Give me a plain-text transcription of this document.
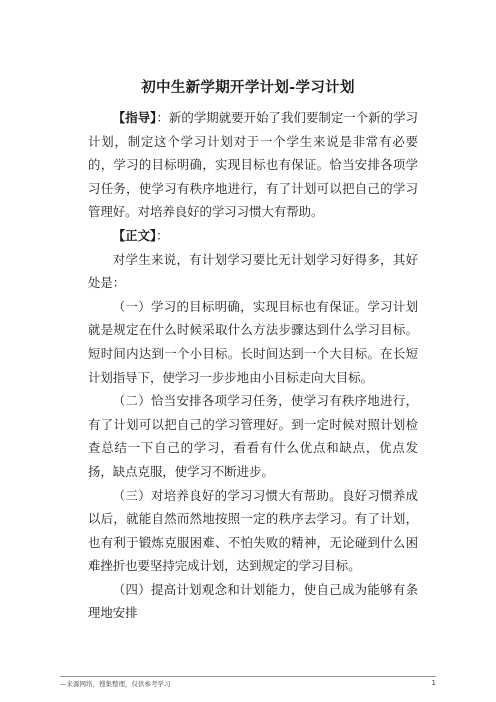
初中生新学期开学计划-学习计划

【指导】：新的学期就要开始了我们要制定一个新的学习计划，制定这个学习计划对于一个学生来说是非常有必要的，学习的目标明确，实现目标也有保证。恰当安排各项学习任务，使学习有秩序地进行，有了计划可以把自己的学习管理好。对培养良好的学习习惯大有帮助。

【正文】：

对学生来说，有计划学习要比无计划学习好得多，其好处是：

（一）学习的目标明确，实现目标也有保证。学习计划就是规定在什么时候采取什么方法步骤达到什么学习目标。短时间内达到一个小目标。长时间达到一个大目标。在长短计划指导下，使学习一步步地由小目标走向大目标。

（二）恰当安排各项学习任务，使学习有秩序地进行，有了计划可以把自己的学习管理好。到一定时候对照计划检查总结一下自己的学习，看看有什么优点和缺点，优点发扬，缺点克服，使学习不断进步。

（三）对培养良好的学习习惯大有帮助。良好习惯养成以后，就能自然而然地按照一定的秩序去学习。有了计划，也有利于锻炼克服困难、不怕失败的精神，无论碰到什么困难挫折也要坚持完成计划，达到规定的学习目标。

（四）提高计划观念和计划能力，使自己成为能够有条理地安排

—来源网络，搜集整理，仅供参考学习	1
